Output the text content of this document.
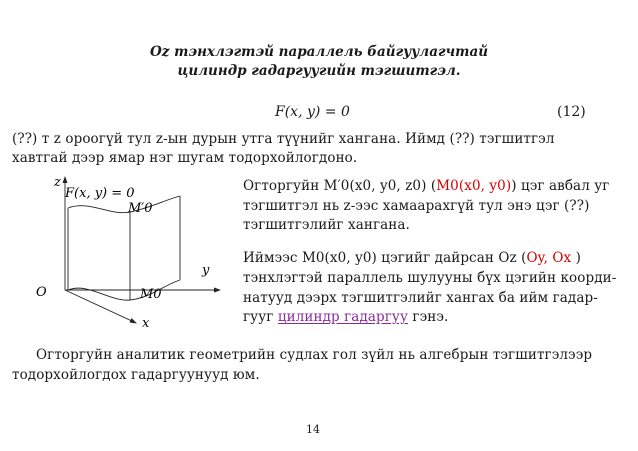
Oz тэнхлэгтэй параллель байгуулагчтай
цилиндр гадаргуугийн тэгшитгэл.
F(x, y) = 0	(12)
(??) т z ороогүй тул z-ын дурын утга түүнийг хангана. Иймд (??) тэгшитгэл
хавтгай дээр ямар нэг шугам тодорхойлогдоно.
z
y
x
O
F(x, y) = 0
M′0
M0
Огторгуйн M′0(x0, y0, z0) (M0(x0, y0)) цэг авбал уг
тэгшитгэл нь z-ээс хамаарахгүй тул энэ цэг (??)
тэгшитгэлийг хангана.
Иймээс M0(x0, y0) цэгийг дайрсан Oz (Oy, Ox )
тэнхлэгтэй параллель шулууны бүх цэгийн коорди-
натууд дээрх тэгшитгэлийг хангах ба ийм гадар-
гууг цилиндр гадаргуу гэнэ.
Огторгуйн аналитик геометрийн судлах гол зүйл нь алгебрын тэгшитгэлээр
тодорхойлогдох гадаргуунууд юм.
14
